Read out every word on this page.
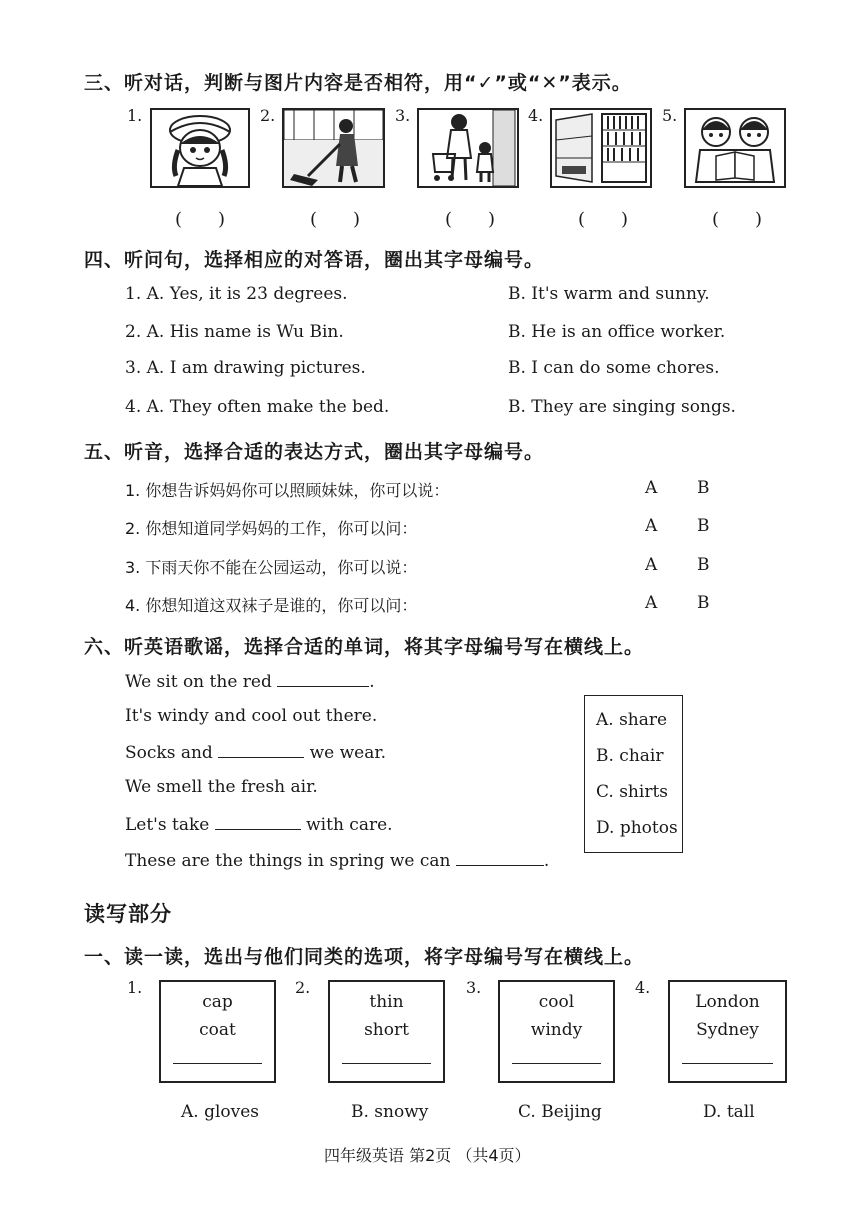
三、听对话，判断与图片内容是否相符，用“✓”或“✕”表示。
1.
(　　)
2.
(　　)
3.
(　　)
4.
(　　)
5.
(　　)
四、听问句，选择相应的对答语，圈出其字母编号。
1. A. Yes, it is 23 degrees.	B. It's warm and sunny.
2. A. His name is Wu Bin.	B. He is an office worker.
3. A. I am drawing pictures.	B. I can do some chores.
4. A. They often make the bed.	B. They are singing songs.
五、听音，选择合适的表达方式，圈出其字母编号。
1. 你想告诉妈妈你可以照顾妹妹，你可以说：	A B
2. 你想知道同学妈妈的工作，你可以问：	A B
3. 下雨天你不能在公园运动，你可以说：	A B
4. 你想知道这双袜子是谁的，你可以问：	A B
六、听英语歌谣，选择合适的单词，将其字母编号写在横线上。
We sit on the red	.
It's windy and cool out there.
Socks and	we wear.
We smell the fresh air.
Let's take	with care.
These are the things in spring we can	.
A. share
B. chair
C. shirts
D. photos
读写部分
一、读一读，选出与他们同类的选项，将字母编号写在横线上。
1.
cap
coat
2.
thin
short
3.
cool
windy
4.
London
Sydney
A. gloves	B. snowy	C. Beijing	D. tall
四年级英语 第2页 （共4页）
